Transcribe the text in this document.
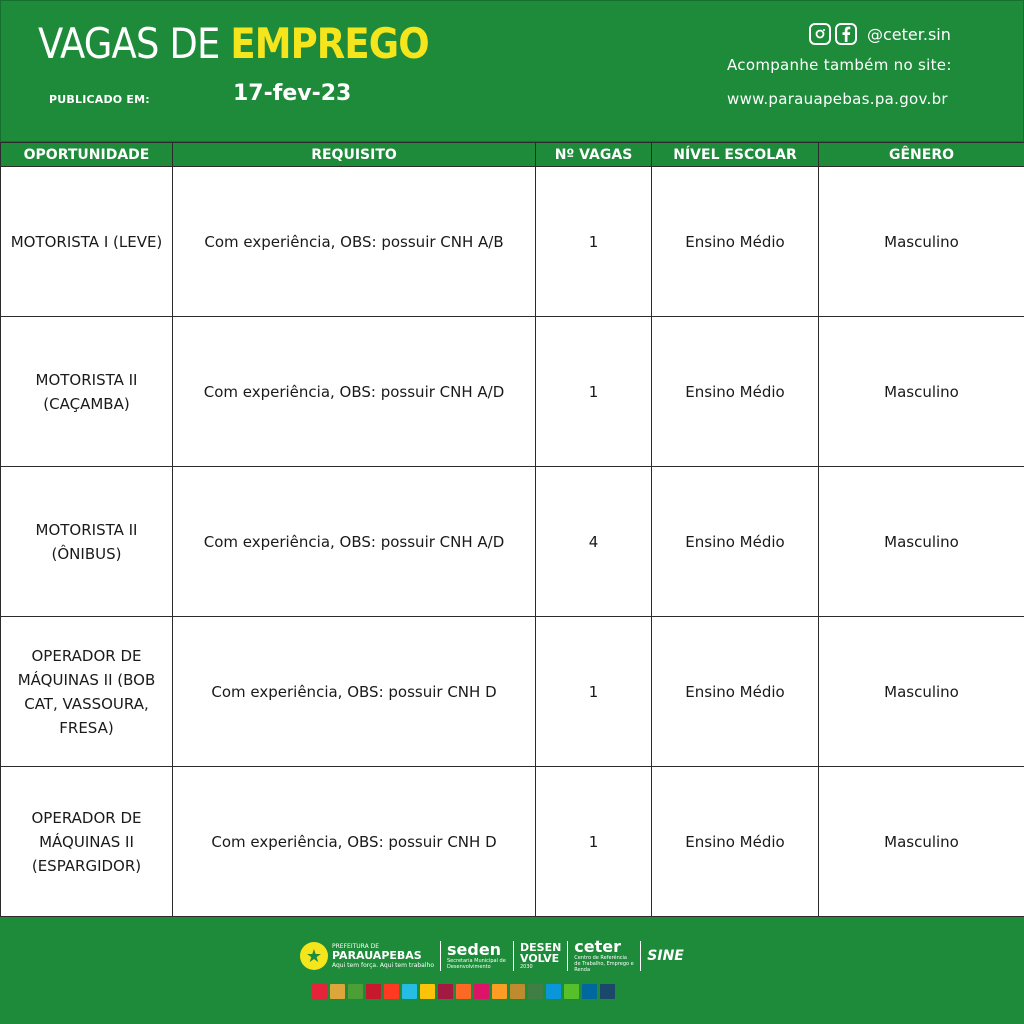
VAGAS DE EMPREGO
PUBLICADO EM:	17-fev-23
@ceter.sin
Acompanhe também no site:
www.parauapebas.pa.gov.br
OPORTUNIDADE	REQUISITO	Nº VAGAS	NÍVEL ESCOLAR	GÊNERO
MOTORISTA I (LEVE)	Com experiência, OBS: possuir CNH A/B	1	Ensino Médio	Masculino
MOTORISTA II (CAÇAMBA)	Com experiência, OBS: possuir CNH A/D	1	Ensino Médio	Masculino
MOTORISTA II (ÔNIBUS)	Com experiência, OBS: possuir CNH A/D	4	Ensino Médio	Masculino
OPERADOR DE MÁQUINAS II (BOB CAT, VASSOURA, FRESA)	Com experiência, OBS: possuir CNH D	1	Ensino Médio	Masculino
OPERADOR DE MÁQUINAS II (ESPARGIDOR)	Com experiência, OBS: possuir CNH D	1	Ensino Médio	Masculino
★	PREFEITURA DE
PARAUAPEBAS
Aqui tem força. Aqui tem trabalho
seden
Secretaria Municipal de Desenvolvimento
DESEN
VOLVE
2030
ceter
Centro de Referência de Trabalho, Emprego e Renda
SINE
